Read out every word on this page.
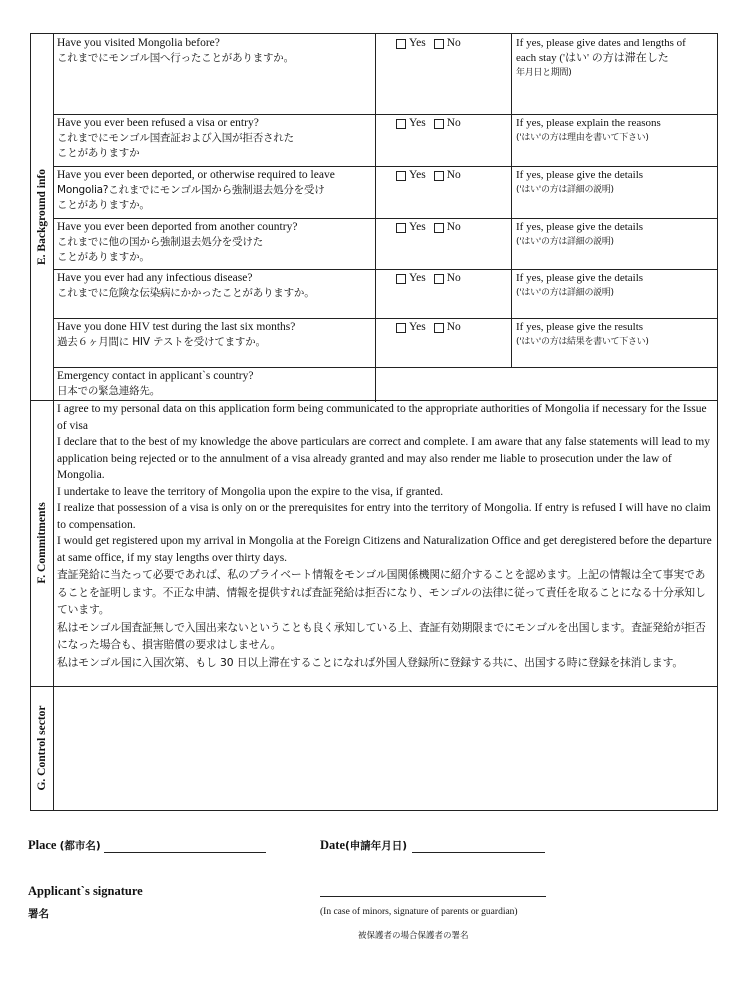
E. Background info
Have you visited Mongolia before?
これまでにモンゴル国へ行ったことがありますか。
Yes No	If yes, please give dates and lengths of
each stay ('はい' の方は滞在した
年月日と期間)
Have you ever been refused a visa or entry?
これまでにモンゴル国査証および入国が拒否された
ことがありますか
Yes No	If yes, please explain the reasons
('はい'の方は理由を書いて下さい)
Have you ever been deported, or otherwise required to leave
Mongolia?これまでにモンゴル国から強制退去処分を受け
ことがありますか。
Yes No	If yes, please give the details
('はい'の方は詳細の説明)
Have you ever been deported from another country?
これまでに他の国から強制退去処分を受けた
ことがありますか。
Yes No	If yes, please give the details
('はい'の方は詳細の説明)
Have you ever had any infectious disease?
これまでに危険な伝染病にかかったことがありますか。
Yes No	If yes, please give the details
('はい'の方は詳細の説明)
Have you done HIV test during the last six months?
過去６ヶ月間に HIV テストを受けてますか。
Yes No	If yes, please give the results
('はい'の方は結果を書いて下さい)
Emergency contact in applicant`s country?
日本での緊急連絡先。
F. Commitments
I agree to my personal data on this application form being communicated to the appropriate authorities of Mongolia if necessary for the Issue of visa
I declare that to the best of my knowledge the above particulars are correct and complete. I am aware that any false statements will lead to my application being rejected or to the annulment of a visa already granted and may also render me liable to prosecution under the law of Mongolia.
I undertake to leave the territory of Mongolia upon the expire to the visa, if granted.
I realize that possession of a visa is only on or the prerequisites for entry into the territory of Mongolia. If entry is refused I will have no claim to compensation.
I would get registered upon my arrival in Mongolia at the Foreign Citizens and Naturalization Office and get deregistered before the departure at same office, if my stay lengths over thirty days.
査証発給に当たって必要であれば、私のプライベート情報をモンゴル国関係機関に紹介することを認めます。上記の情報は全て事実であることを証明します。不正な申請、情報を提供すれば査証発給は拒否になり、モンゴルの法律に従って責任を取ることになる十分承知しています。
私はモンゴル国査証無しで入国出来ないということも良く承知している上、査証有効期限までにモンゴルを出国します。査証発給が拒否になった場合も、損害賠償の要求はしません。
私はモンゴル国に入国次第、もし 30 日以上滞在することになれば外国人登録所に登録する共に、出国する時に登録を抹消します。
G. Control sector
Place (都市名)	Date(申請年月日)
Applicant`s signature
署名	(In case of minors, signature of parents or guardian)
被保護者の場合保護者の署名
